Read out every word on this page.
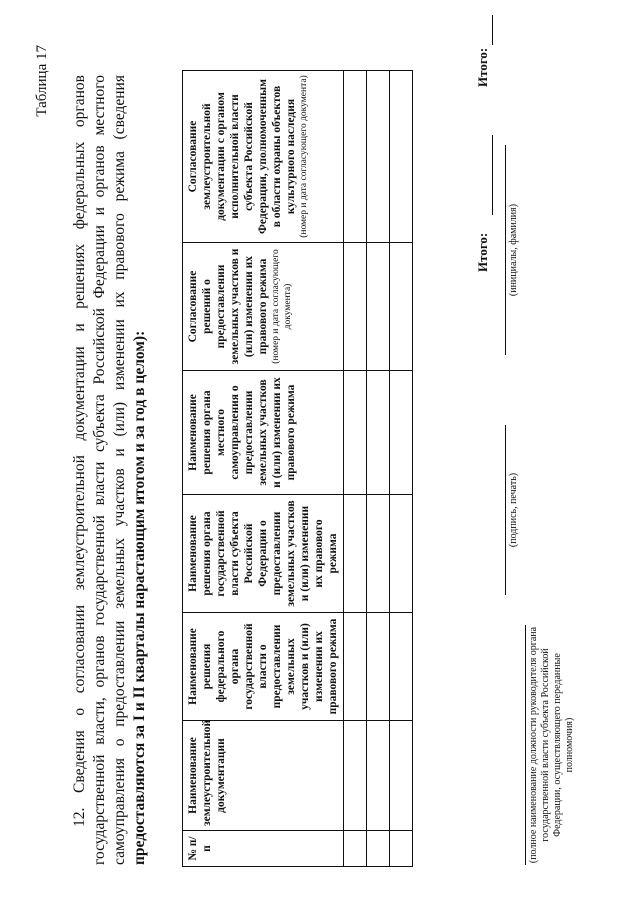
Таблица 17
12. Сведения о согласовании землеустроительной документации и решениях федеральных органов государственной власти, органов государственной власти субъекта Российской Федерации и органов местного самоуправления о предоставлении земельных участков и (или) изменении их правового режима (сведения предоставляются за I и II кварталы нарастающим итогом и за год в целом):	№ п/п	Наименование землеустроительной документации	Наименование решения федерального органа государственной власти о предоставлении земельных участков и (или) изменении их правового режима	Наименование решения органа государственной власти субъекта Российской Федерации о предоставлении земельных участков и (или) изменении их правового режима	Наименование решения органа местного самоуправления о предоставлении земельных участков и (или) изменении их правового режима	Согласование решений о предоставлении земельных участков и (или) изменении их правового режима (номер и дата согласующего документа)	Согласование землеустроительной документации с органом исполнительной власти субъекта Российской Федерации, уполномоченным в области охраны объектов культурного наследия (номер и дата согласующего документа)

Итого:
Итого:
(полное наименование должности руководителя органа государственной власти субъекта Российской Федерации, осуществляющего переданные полномочия)
(подпись, печать)
(инициалы, фамилия)
